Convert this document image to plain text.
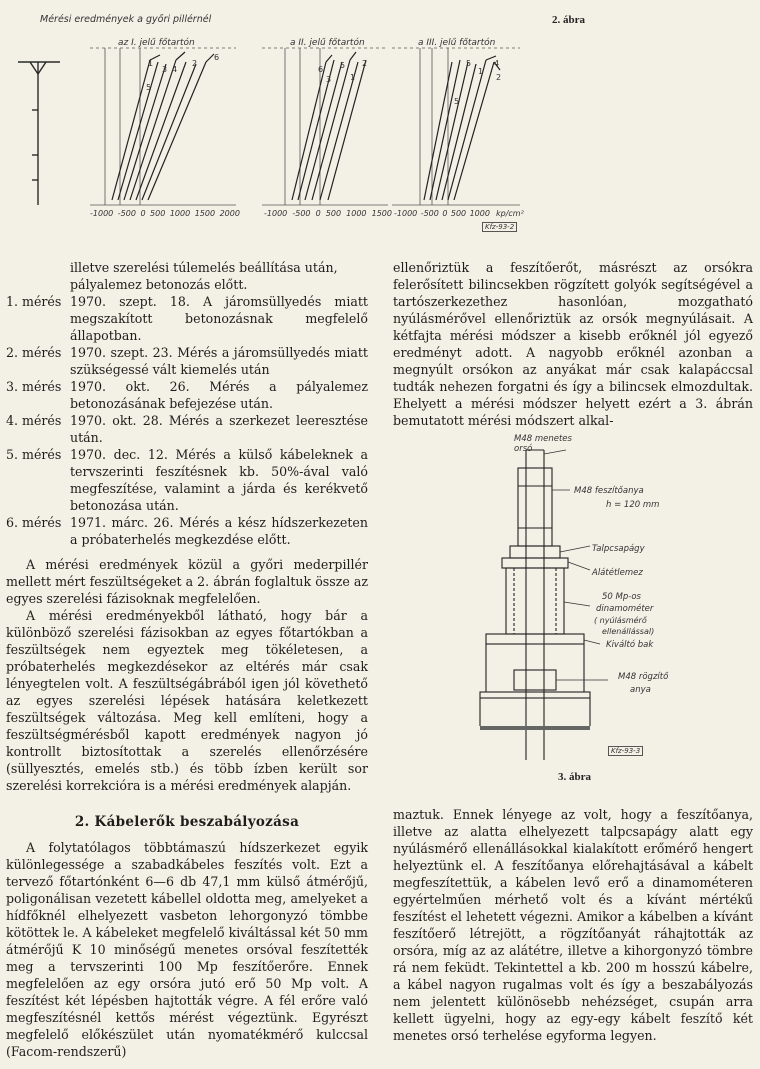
1
3 4
2
6
5
6
3
5
1
2	5
1
4
2
5
Mérési eredmények a győri pillérnél
az I. jelű főtartón	a II. jelű főtartón	a III. jelű főtartón
-1000 -500 0 500 1000 1500 2000	-1000 -500 0 500 1000 1500 -1000 -500 0 500 1000 kp/cm²
Kfz-93-2
2. ábra
illetve szerelési túlemelés beállítása után,
pályalemez betonozás előtt.
1. mérés 1970. szept. 18. A járomsüllyedés miatt megszakított betonozásnak megfelelő állapotban.
2. mérés 1970. szept. 23. Mérés a járomsüllyedés miatt szükségessé vált kiemelés után
3. mérés 1970. okt. 26. Mérés a pályalemez betonozásának befejezése után.
4. mérés 1970. okt. 28. Mérés a szerkezet leeresztése után.
5. mérés 1970. dec. 12. Mérés a külső kábeleknek a tervszerinti feszítésnek kb. 50%-ával való megfeszítése, valamint a járda és kerékvető betonozása után.
6. mérés 1971. márc. 26. Mérés a kész hídszerkezeten a próbaterhelés megkezdése előtt.

A mérési eredmények közül a győri mederpillér mellett mért feszültségeket a 2. ábrán foglaltuk össze az egyes szerelési fázisoknak megfelelően.

A mérési eredményekből látható, hogy bár a különböző szerelési fázisokban az egyes főtartókban a feszültségek nem egyeztek meg tökéletesen, a próbaterhelés megkezdésekor az eltérés már csak lényegtelen volt. A feszültségábrából igen jól követhető az egyes szerelési lépések hatására keletkezett feszültségek változása. Meg kell említeni, hogy a feszültségmérésből kapott eredmények nagyon jó kontrollt biztosítottak a szerelés ellenőrzésére (süllyesztés, emelés stb.) és több ízben került sor szerelési korrekcióra is a mérési eredmények alapján.

2. Kábelerők beszabályozása

A folytatólagos többtámaszú hídszerkezet egyik különlegessége a szabadkábeles feszítés volt. Ezt a tervező főtartónként 6—6 db 47,1 mm külső átmérőjű, poligonálisan vezetett kábellel oldotta meg, amelyeket a hídfőknél elhelyezett vasbeton lehorgonyzó tömbbe kötöttek le. A kábeleket megfelelő kiváltással két 50 mm átmérőjű K 10 minőségű menetes orsóval feszítették meg a tervszerinti 100 Mp feszítőerőre. Ennek megfelelően az egy orsóra jutó erő 50 Mp volt. A feszítést két lépésben hajtották végre. A fél erőre való megfeszítésnél kettős mérést végeztünk. Egyrészt megfelelő előkészület után nyomatékmérő kulccsal (Facom-rendszerű)

ellenőriztük a feszítőerőt, másrészt az orsókra felerősített bilincsekben rögzített golyók segítségével a tartószerkezethez hasonlóan, mozgatható nyúlásmérővel ellenőriztük az orsók megnyúlásait. A kétfajta mérési módszer a kisebb erőknél jól egyező eredményt adott. A nagyobb erőknél azonban a megnyúlt orsókon az anyákat már csak kalapáccsal tudták nehezen forgatni és így a bilincsek elmozdultak. Ehelyett a mérési módszer helyett ezért a 3. ábrán bemutatott mérési módszert alkal-

M48 menetes orsó
M48 feszítőanya
h = 120 mm
Talpcsapágy
Alátétlemez
50 Mp-os
dinamométer
( nyúlásmérő
ellenállással)
Kiváltó bak
M48 rögzítő
anya
Kfz-93-3
3. ábra

maztuk. Ennek lényege az volt, hogy a feszítőanya, illetve az alatta elhelyezett talpcsapágy alatt egy nyúlásmérő ellenállásokkal kialakított erőmérő hengert helyeztünk el. A feszítőanya előrehajtásával a kábelt megfeszítettük, a kábelen levő erő a dinamométeren egyértelműen mérhető volt és a kívánt mértékű feszítést el lehetett végezni. Amikor a kábelben a kívánt feszítőerő létrejött, a rögzítőanyát ráhajtották az orsóra, míg az az alátétre, illetve a kihorgonyzó tömbre rá nem feküdt. Tekintettel a kb. 200 m hosszú kábelre, a kábel nagyon rugalmas volt és így a beszabályozás nem jelentett különösebb nehézséget, csupán arra kellett ügyelni, hogy az egy-egy kábelt feszítő két menetes orsó terhelése egyforma legyen.
